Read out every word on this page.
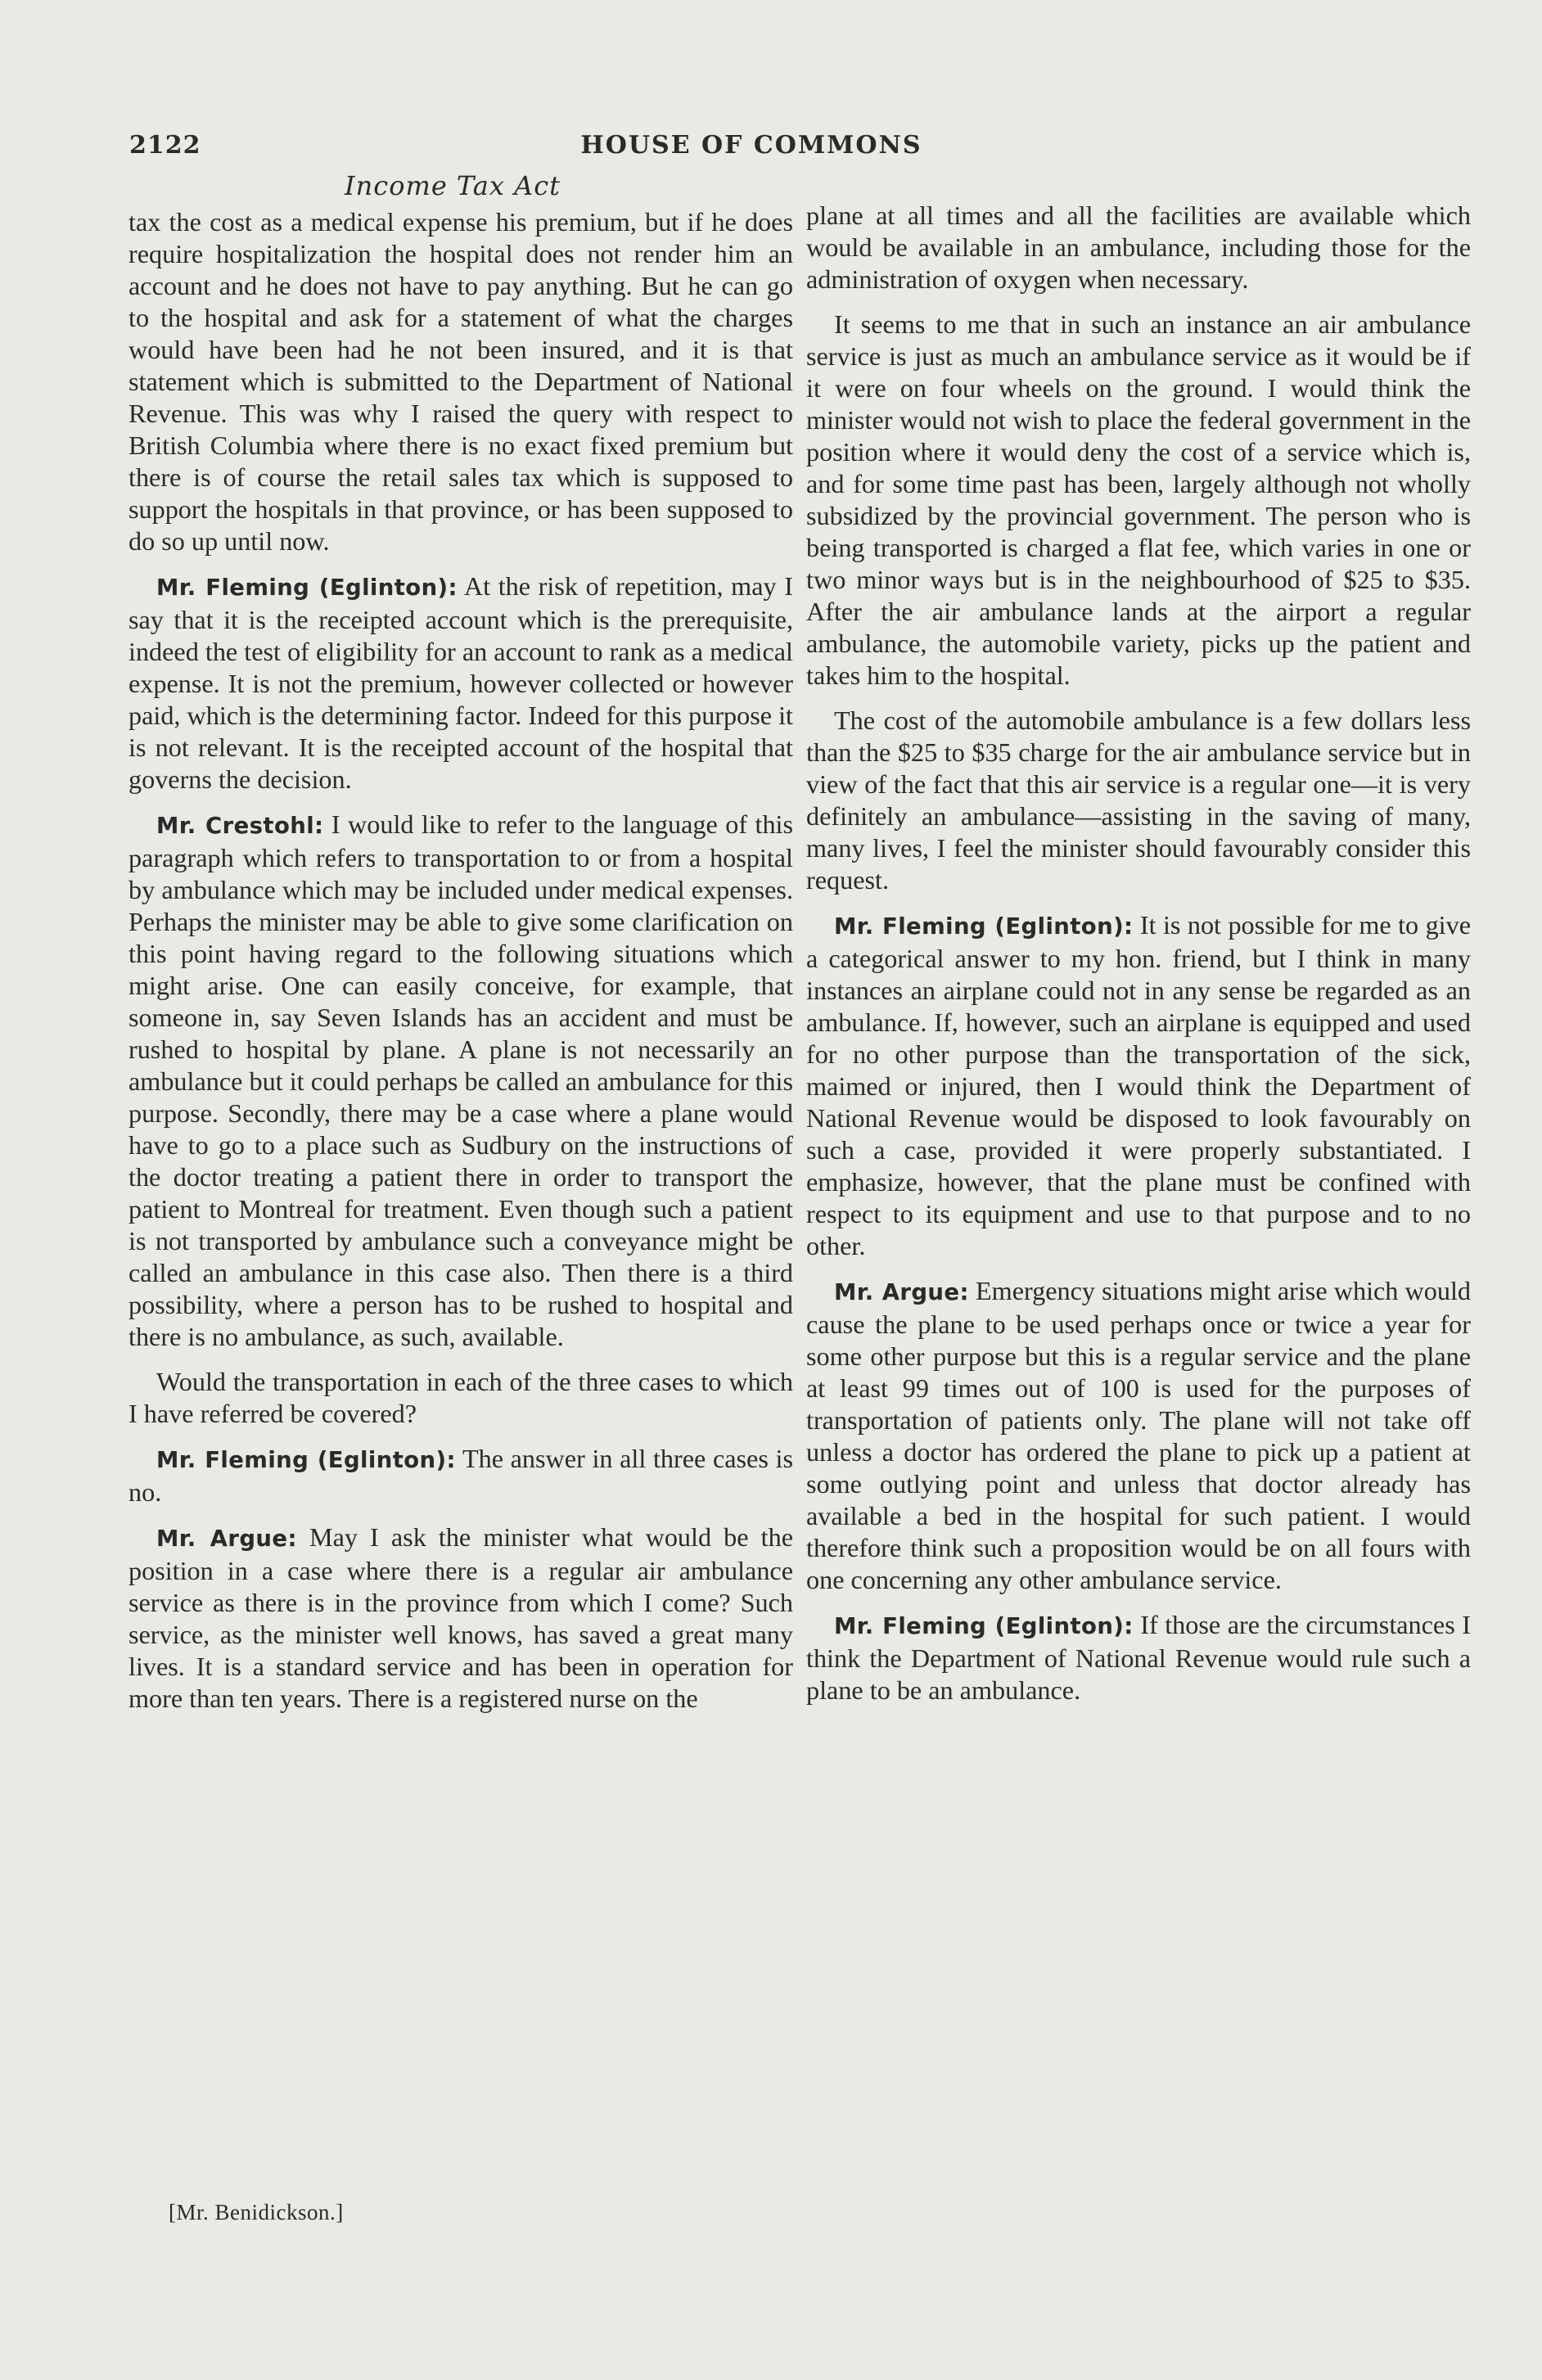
2122	HOUSE OF COMMONS
Income Tax Act

tax the cost as a medical expense his premium, but if he does require hospitalization the hospital does not render him an account and he does not have to pay anything. But he can go to the hospital and ask for a statement of what the charges would have been had he not been insured, and it is that statement which is submitted to the Department of National Revenue. This was why I raised the query with respect to British Columbia where there is no exact fixed premium but there is of course the retail sales tax which is supposed to support the hospitals in that province, or has been supposed to do so up until now.

Mr. Fleming (Eglinton): At the risk of repetition, may I say that it is the receipted account which is the prerequisite, indeed the test of eligibility for an account to rank as a medical expense. It is not the premium, however collected or however paid, which is the determining factor. Indeed for this purpose it is not relevant. It is the receipted account of the hospital that governs the decision.

Mr. Crestohl: I would like to refer to the language of this paragraph which refers to transportation to or from a hospital by ambulance which may be included under medical expenses. Perhaps the minister may be able to give some clarification on this point having regard to the following situations which might arise. One can easily conceive, for example, that someone in, say Seven Islands has an accident and must be rushed to hospital by plane. A plane is not necessarily an ambulance but it could perhaps be called an ambulance for this purpose. Secondly, there may be a case where a plane would have to go to a place such as Sudbury on the instructions of the doctor treating a patient there in order to transport the patient to Montreal for treatment. Even though such a patient is not transported by ambulance such a conveyance might be called an ambulance in this case also. Then there is a third possibility, where a person has to be rushed to hospital and there is no ambulance, as such, available.

Would the transportation in each of the three cases to which I have referred be covered?

Mr. Fleming (Eglinton): The answer in all three cases is no.

Mr. Argue: May I ask the minister what would be the position in a case where there is a regular air ambulance service as there is in the province from which I come? Such service, as the minister well knows, has saved a great many lives. It is a standard service and has been in operation for more than ten years. There is a registered nurse on the

plane at all times and all the facilities are available which would be available in an ambulance, including those for the administration of oxygen when necessary.

It seems to me that in such an instance an air ambulance service is just as much an ambulance service as it would be if it were on four wheels on the ground. I would think the minister would not wish to place the federal government in the position where it would deny the cost of a service which is, and for some time past has been, largely although not wholly subsidized by the provincial government. The person who is being transported is charged a flat fee, which varies in one or two minor ways but is in the neighbourhood of $25 to $35. After the air ambulance lands at the airport a regular ambulance, the automobile variety, picks up the patient and takes him to the hospital.

The cost of the automobile ambulance is a few dollars less than the $25 to $35 charge for the air ambulance service but in view of the fact that this air service is a regular one—it is very definitely an ambulance—assisting in the saving of many, many lives, I feel the minister should favourably consider this request.

Mr. Fleming (Eglinton): It is not possible for me to give a categorical answer to my hon. friend, but I think in many instances an airplane could not in any sense be regarded as an ambulance. If, however, such an airplane is equipped and used for no other purpose than the transportation of the sick, maimed or injured, then I would think the Department of National Revenue would be disposed to look favourably on such a case, provided it were properly substantiated. I emphasize, however, that the plane must be confined with respect to its equipment and use to that purpose and to no other.

Mr. Argue: Emergency situations might arise which would cause the plane to be used perhaps once or twice a year for some other purpose but this is a regular service and the plane at least 99 times out of 100 is used for the purposes of transportation of patients only. The plane will not take off unless a doctor has ordered the plane to pick up a patient at some outlying point and unless that doctor already has available a bed in the hospital for such patient. I would therefore think such a proposition would be on all fours with one concerning any other ambulance service.

Mr. Fleming (Eglinton): If those are the circumstances I think the Department of National Revenue would rule such a plane to be an ambulance.

[Mr. Benidickson.]
